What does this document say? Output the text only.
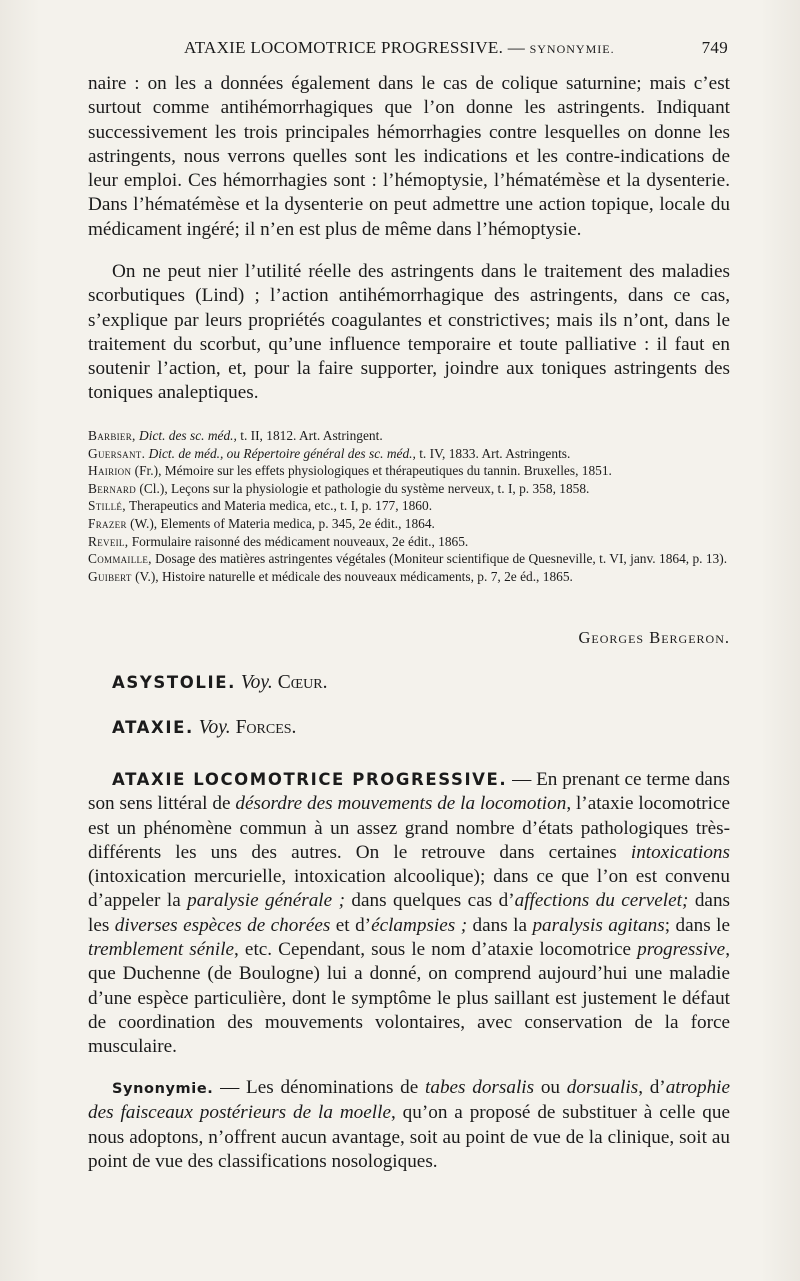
ATAXIE LOCOMOTRICE PROGRESSIVE. — SYNONYMIE.	749

naire : on les a données également dans le cas de colique saturnine; mais c’est surtout comme antihémorrhagiques que l’on donne les astringents. Indiquant successivement les trois principales hémorrhagies contre lesquelles on donne les astringents, nous verrons quelles sont les indications et les contre-indications de leur emploi. Ces hémorrhagies sont : l’hémoptysie, l’hématémèse et la dysenterie. Dans l’hématémèse et la dysenterie on peut admettre une action topique, locale du médicament ingéré; il n’en est plus de même dans l’hémoptysie.

On ne peut nier l’utilité réelle des astringents dans le traitement des maladies scorbutiques (Lind) ; l’action antihémorrhagique des astringents, dans ce cas, s’explique par leurs propriétés coagulantes et constrictives; mais ils n’ont, dans le traitement du scorbut, qu’une influence temporaire et toute palliative : il faut en soutenir l’action, et, pour la faire supporter, joindre aux toniques astringents des toniques analeptiques.

Barbier, Dict. des sc. méd., t. II, 1812. Art. Astringent.

Guersant. Dict. de méd., ou Répertoire général des sc. méd., t. IV, 1833. Art. Astringents.

Hairion (Fr.), Mémoire sur les effets physiologiques et thérapeutiques du tannin. Bruxelles, 1851.

Bernard (Cl.), Leçons sur la physiologie et pathologie du système nerveux, t. I, p. 358, 1858.

Stillé, Therapeutics and Materia medica, etc., t. I, p. 177, 1860.

Frazer (W.), Elements of Materia medica, p. 345, 2e édit., 1864.

Reveil, Formulaire raisonné des médicament nouveaux, 2e édit., 1865.

Commaille, Dosage des matières astringentes végétales (Moniteur scientifique de Quesneville, t. VI, janv. 1864, p. 13).

Guibert (V.), Histoire naturelle et médicale des nouveaux médicaments, p. 7, 2e éd., 1865.

Georges Bergeron.
ASYSTOLIE. Voy. Cœur.
ATAXIE. Voy. Forces.

ATAXIE LOCOMOTRICE PROGRESSIVE. — En prenant ce terme dans son sens littéral de désordre des mouvements de la locomotion, l’ataxie locomotrice est un phénomène commun à un assez grand nombre d’états pathologiques très-différents les uns des autres. On le retrouve dans certaines intoxications (intoxication mercurielle, intoxication alcoolique); dans ce que l’on est convenu d’appeler la paralysie générale ; dans quelques cas d’affections du cervelet; dans les diverses espèces de chorées et d’éclampsies ; dans la paralysis agitans; dans le tremblement sénile, etc. Cependant, sous le nom d’ataxie locomotrice progressive, que Duchenne (de Boulogne) lui a donné, on comprend aujourd’hui une maladie d’une espèce particulière, dont le symptôme le plus saillant est justement le défaut de coordination des mouvements volontaires, avec conservation de la force musculaire.

Synonymie. — Les dénominations de tabes dorsalis ou dorsualis, d’atrophie des faisceaux postérieurs de la moelle, qu’on a proposé de substituer à celle que nous adoptons, n’offrent aucun avantage, soit au point de vue de la clinique, soit au point de vue des classifications nosologiques.
